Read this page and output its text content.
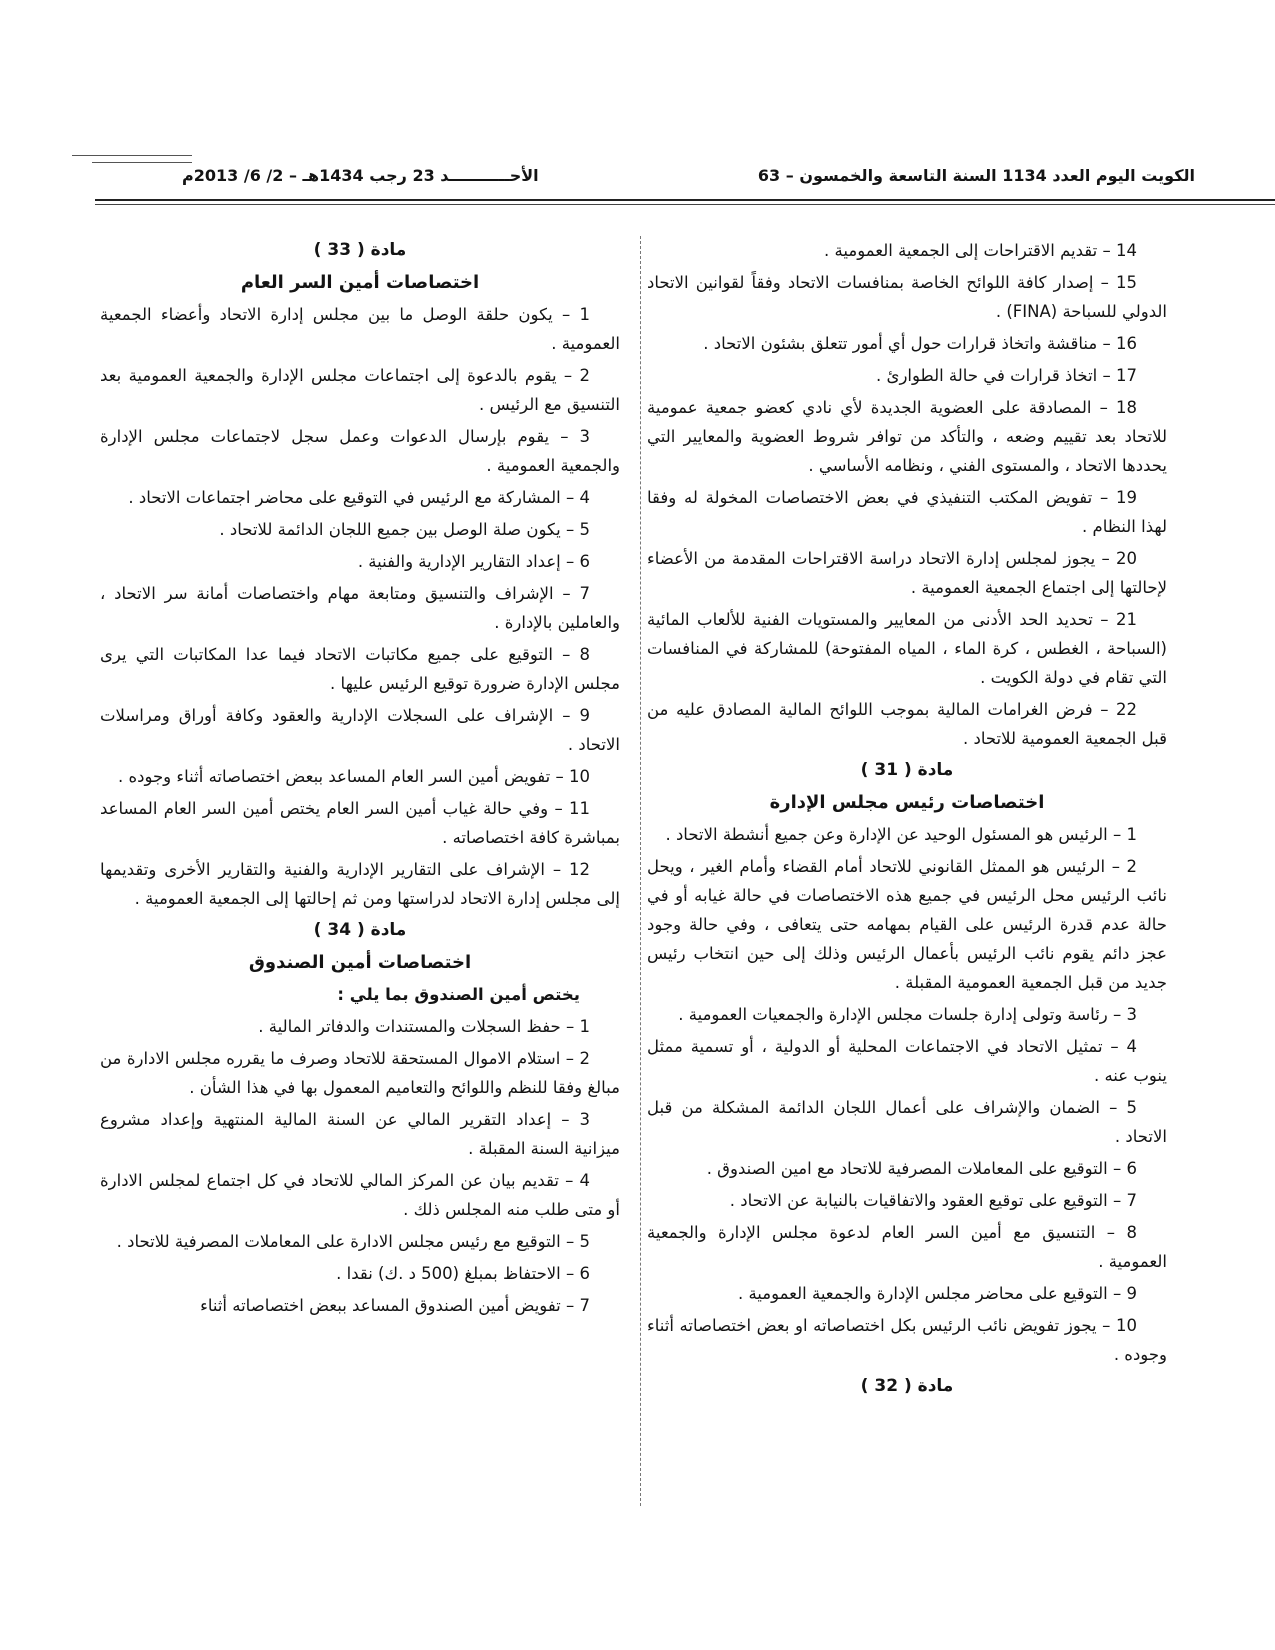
الكويت اليوم العدد 1134 السنة التاسعة والخمسون – 63
الأحـــــــــــد 23 رجب 1434هـ – 2/ 6/ 2013م

14 – تقديم الاقتراحات إلى الجمعية العمومية .

15 – إصدار كافة اللوائح الخاصة بمنافسات الاتحاد وفقاً لقوانين الاتحاد الدولي للسباحة (FINA) .

16 – مناقشة واتخاذ قرارات حول أي أمور تتعلق بشئون الاتحاد .

17 – اتخاذ قرارات في حالة الطوارئ .

18 – المصادقة على العضوية الجديدة لأي نادي كعضو جمعية عمومية للاتحاد بعد تقييم وضعه ، والتأكد من توافر شروط العضوية والمعايير التي يحددها الاتحاد ، والمستوى الفني ، ونظامه الأساسي .

19 – تفويض المكتب التنفيذي في بعض الاختصاصات المخولة له وفقا لهذا النظام .

20 – يجوز لمجلس إدارة الاتحاد دراسة الاقتراحات المقدمة من الأعضاء لإحالتها إلى اجتماع الجمعية العمومية .

21 – تحديد الحد الأدنى من المعايير والمستويات الفنية للألعاب المائية (السباحة ، الغطس ، كرة الماء ، المياه المفتوحة) للمشاركة في المنافسات التي تقام في دولة الكويت .

22 – فرض الغرامات المالية بموجب اللوائح المالية المصادق عليه من قبل الجمعية العمومية للاتحاد .

مادة ( 31 )

اختصاصات رئيس مجلس الإدارة

1 – الرئيس هو المسئول الوحيد عن الإدارة وعن جميع أنشطة الاتحاد .

2 – الرئيس هو الممثل القانوني للاتحاد أمام القضاء وأمام الغير ، ويحل نائب الرئيس محل الرئيس في جميع هذه الاختصاصات في حالة غيابه أو في حالة عدم قدرة الرئيس على القيام بمهامه حتى يتعافى ، وفي حالة وجود عجز دائم يقوم نائب الرئيس بأعمال الرئيس وذلك إلى حين انتخاب رئيس جديد من قبل الجمعية العمومية المقبلة .

3 – رئاسة وتولى إدارة جلسات مجلس الإدارة والجمعيات العمومية .

4 – تمثيل الاتحاد في الاجتماعات المحلية أو الدولية ، أو تسمية ممثل ينوب عنه .

5 – الضمان والإشراف على أعمال اللجان الدائمة المشكلة من قبل الاتحاد .

6 – التوقيع على المعاملات المصرفية للاتحاد مع امين الصندوق .

7 – التوقيع على توقيع العقود والاتفاقيات بالنيابة عن الاتحاد .

8 – التنسيق مع أمين السر العام لدعوة مجلس الإدارة والجمعية العمومية .

9 – التوقيع على محاضر مجلس الإدارة والجمعية العمومية .

10 – يجوز تفويض نائب الرئيس بكل اختصاصاته او بعض اختصاصاته أثناء وجوده .

مادة ( 32 )

مادة ( 33 )

اختصاصات أمين السر العام

1 – يكون حلقة الوصل ما بين مجلس إدارة الاتحاد وأعضاء الجمعية العمومية .

2 – يقوم بالدعوة إلى اجتماعات مجلس الإدارة والجمعية العمومية بعد التنسيق مع الرئيس .

3 – يقوم بإرسال الدعوات وعمل سجل لاجتماعات مجلس الإدارة والجمعية العمومية .

4 – المشاركة مع الرئيس في التوقيع على محاضر اجتماعات الاتحاد .

5 – يكون صلة الوصل بين جميع اللجان الدائمة للاتحاد .

6 – إعداد التقارير الإدارية والفنية .

7 – الإشراف والتنسيق ومتابعة مهام واختصاصات أمانة سر الاتحاد ، والعاملين بالإدارة .

8 – التوقيع على جميع مكاتبات الاتحاد فيما عدا المكاتبات التي يرى مجلس الإدارة ضرورة توقيع الرئيس عليها .

9 – الإشراف على السجلات الإدارية والعقود وكافة أوراق ومراسلات الاتحاد .

10 – تفويض أمين السر العام المساعد ببعض اختصاصاته أثناء وجوده .

11 – وفي حالة غياب أمين السر العام يختص أمين السر العام المساعد بمباشرة كافة اختصاصاته .

12 – الإشراف على التقارير الإدارية والفنية والتقارير الأخرى وتقديمها إلى مجلس إدارة الاتحاد لدراستها ومن ثم إحالتها إلى الجمعية العمومية .

مادة ( 34 )

اختصاصات أمين الصندوق

يختص أمين الصندوق بما يلي :

1 – حفظ السجلات والمستندات والدفاتر المالية .

2 – استلام الاموال المستحقة للاتحاد وصرف ما يقرره مجلس الادارة من مبالغ وفقا للنظم واللوائح والتعاميم المعمول بها في هذا الشأن .

3 – إعداد التقرير المالي عن السنة المالية المنتهية وإعداد مشروع ميزانية السنة المقبلة .

4 – تقديم بيان عن المركز المالي للاتحاد في كل اجتماع لمجلس الادارة أو متى طلب منه المجلس ذلك .

5 – التوقيع مع رئيس مجلس الادارة على المعاملات المصرفية للاتحاد .

6 – الاحتفاظ بمبلغ (500 د .ك) نقدا .

7 – تفويض أمين الصندوق المساعد ببعض اختصاصاته أثناء
